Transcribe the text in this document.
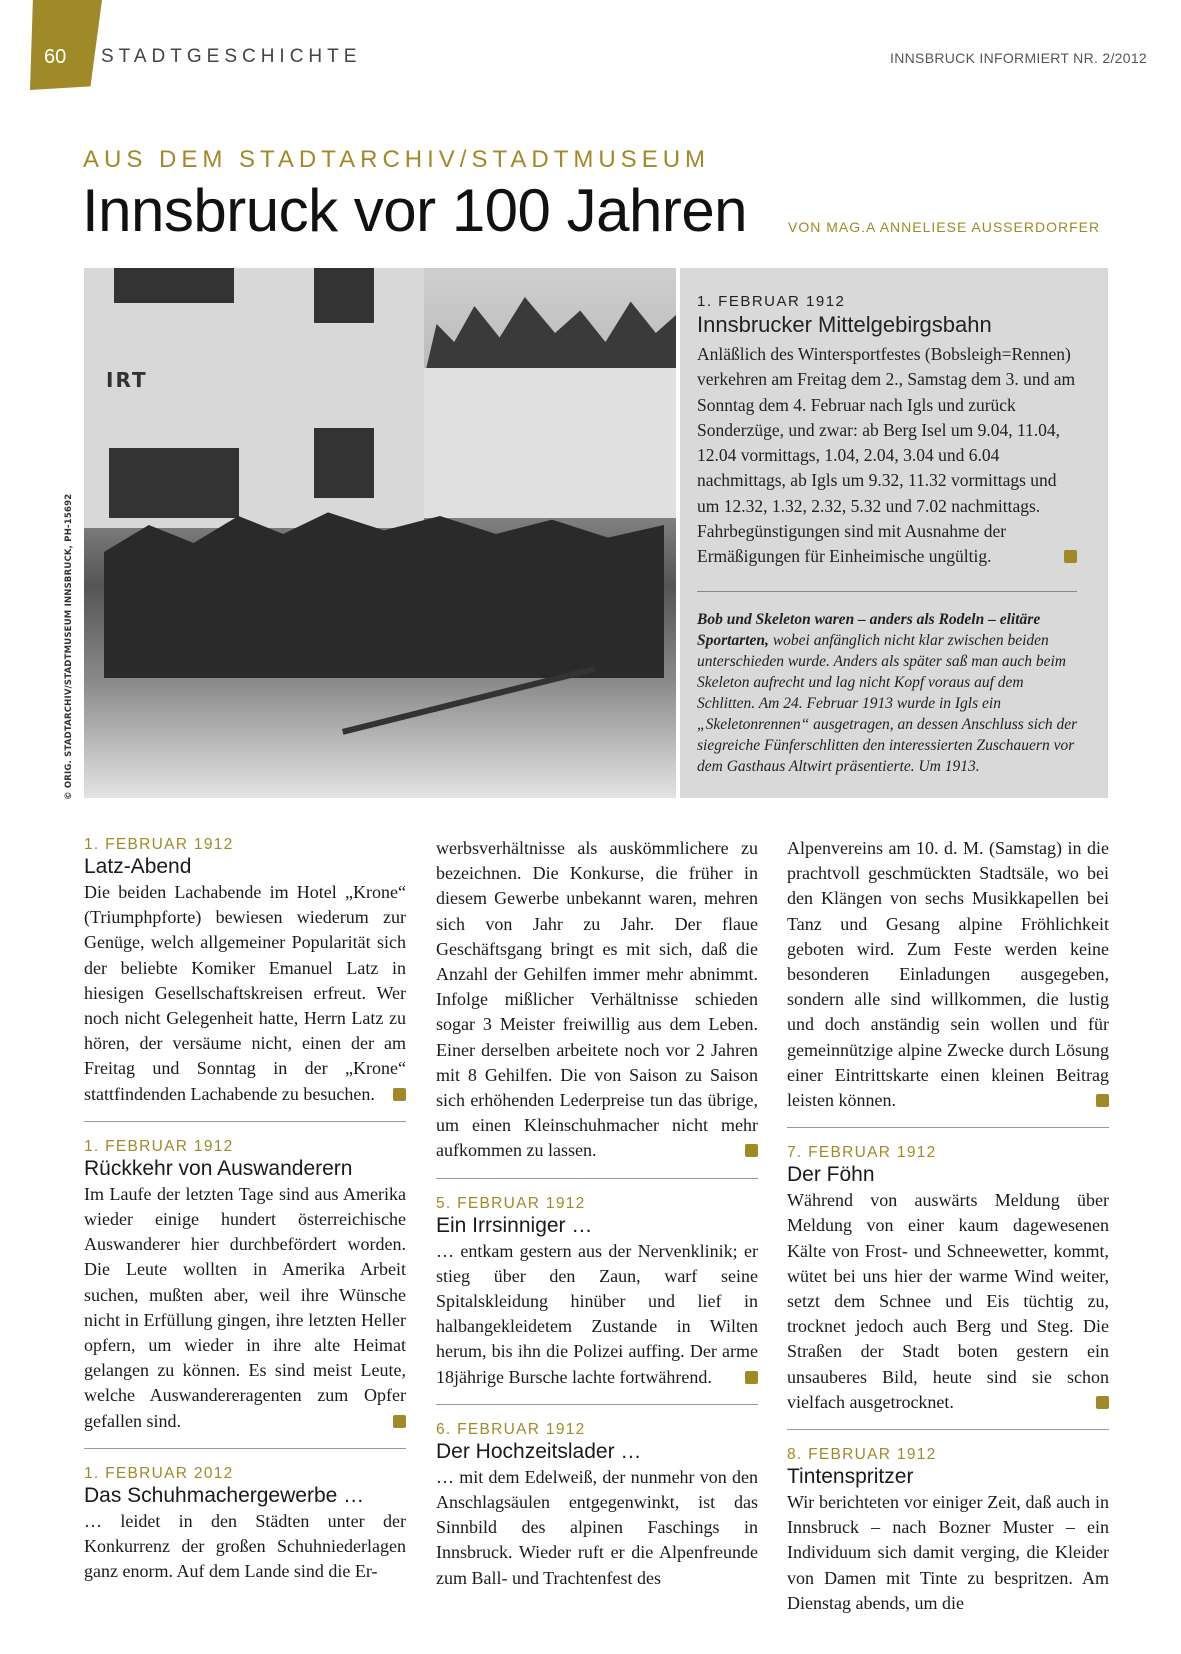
60 STADTGESCHICHTE	INNSBRUCK INFORMIERT NR. 2/2012
AUS DEM STADTARCHIV/STADTMUSEUM
Innsbruck vor 100 Jahren	VON MAG.A ANNELIESE AUSSERDORFER
IRT
© ORIG. STADTARCHIV/STADTMUSEUM INNSBRUCK, PH-15692
1. FEBRUAR 1912
Innsbrucker Mittelgebirgsbahn
Anläßlich des Wintersportfestes (Bobsleigh=Rennen) verkehren am Freitag dem 2., Samstag dem 3. und am Sonntag dem 4. Februar nach Igls und zurück Sonderzüge, und zwar: ab Berg Isel um 9.04, 11.04, 12.04 vormittags, 1.04, 2.04, 3.04 und 6.04 nachmittags, ab Igls um 9.32, 11.32 vormittags und um 12.32, 1.32, 2.32, 5.32 und 7.02 nachmittags. Fahrbegünstigungen sind mit Ausnahme der Ermäßigungen für Einheimische ungültig.
Bob und Skeleton waren – anders als Rodeln – elitäre Sportarten, wobei anfänglich nicht klar zwischen beiden unterschieden wurde. Anders als später saß man auch beim Skeleton aufrecht und lag nicht Kopf voraus auf dem Schlitten. Am 24. Februar 1913 wurde in Igls ein „Skeletonrennen“ ausgetragen, an dessen Anschluss sich der siegreiche Fünferschlitten den interessierten Zuschauern vor dem Gasthaus Altwirt präsentierte. Um 1913.
1. FEBRUAR 1912
Latz-Abend

Die beiden Lachabende im Hotel „Krone“ (Triumphpforte) bewiesen wiederum zur Genüge, welch allgemeiner Popularität sich der beliebte Komiker Emanuel Latz in hiesigen Gesellschaftskreisen erfreut. Wer noch nicht Gelegenheit hatte, Herrn Latz zu hören, der versäume nicht, einen der am Freitag und Sonntag in der „Krone“ stattfindenden Lachabende zu besuchen.

1. FEBRUAR 1912
Rückkehr von Auswanderern

Im Laufe der letzten Tage sind aus Amerika wieder einige hundert österreichische Auswanderer hier durchbefördert worden. Die Leute wollten in Amerika Arbeit suchen, mußten aber, weil ihre Wünsche nicht in Erfüllung gingen, ihre letzten Heller opfern, um wieder in ihre alte Heimat gelangen zu können. Es sind meist Leute, welche Auswandereragenten zum Opfer gefallen sind.

1. FEBRUAR 2012
Das Schuhmachergewerbe …

… leidet in den Städten unter der Konkurrenz der großen Schuhniederlagen ganz enorm. Auf dem Lande sind die Er-

werbsverhältnisse als auskömmlichere zu bezeichnen. Die Konkurse, die früher in diesem Gewerbe unbekannt waren, mehren sich von Jahr zu Jahr. Der flaue Geschäftsgang bringt es mit sich, daß die Anzahl der Gehilfen immer mehr abnimmt. Infolge mißlicher Verhältnisse schieden sogar 3 Meister freiwillig aus dem Leben. Einer derselben arbeitete noch vor 2 Jahren mit 8 Gehilfen. Die von Saison zu Saison sich erhöhenden Lederpreise tun das übrige, um einen Kleinschuhmacher nicht mehr aufkommen zu lassen.

5. FEBRUAR 1912
Ein Irrsinniger …

… entkam gestern aus der Nervenklinik; er stieg über den Zaun, warf seine Spitalskleidung hinüber und lief in halbangekleidetem Zustande in Wilten herum, bis ihn die Polizei auffing. Der arme 18jährige Bursche lachte fortwährend.

6. FEBRUAR 1912
Der Hochzeitslader …

… mit dem Edelweiß, der nunmehr von den Anschlagsäulen entgegenwinkt, ist das Sinnbild des alpinen Faschings in Innsbruck. Wieder ruft er die Alpenfreunde zum Ball- und Trachtenfest des

Alpenvereins am 10. d. M. (Samstag) in die prachtvoll geschmückten Stadtsäle, wo bei den Klängen von sechs Musikkapellen bei Tanz und Gesang alpine Fröhlichkeit geboten wird. Zum Feste werden keine besonderen Einladungen ausgegeben, sondern alle sind willkommen, die lustig und doch anständig sein wollen und für gemeinnützige alpine Zwecke durch Lösung einer Eintrittskarte einen kleinen Beitrag leisten können.

7. FEBRUAR 1912
Der Föhn

Während von auswärts Meldung über Meldung von einer kaum dagewesenen Kälte von Frost- und Schneewetter, kommt, wütet bei uns hier der warme Wind weiter, setzt dem Schnee und Eis tüchtig zu, trocknet jedoch auch Berg und Steg. Die Straßen der Stadt boten gestern ein unsauberes Bild, heute sind sie schon vielfach ausgetrocknet.

8. FEBRUAR 1912
Tintenspritzer

Wir berichteten vor einiger Zeit, daß auch in Innsbruck – nach Bozner Muster – ein Individuum sich damit verging, die Kleider von Damen mit Tinte zu bespritzen. Am Dienstag abends, um die
